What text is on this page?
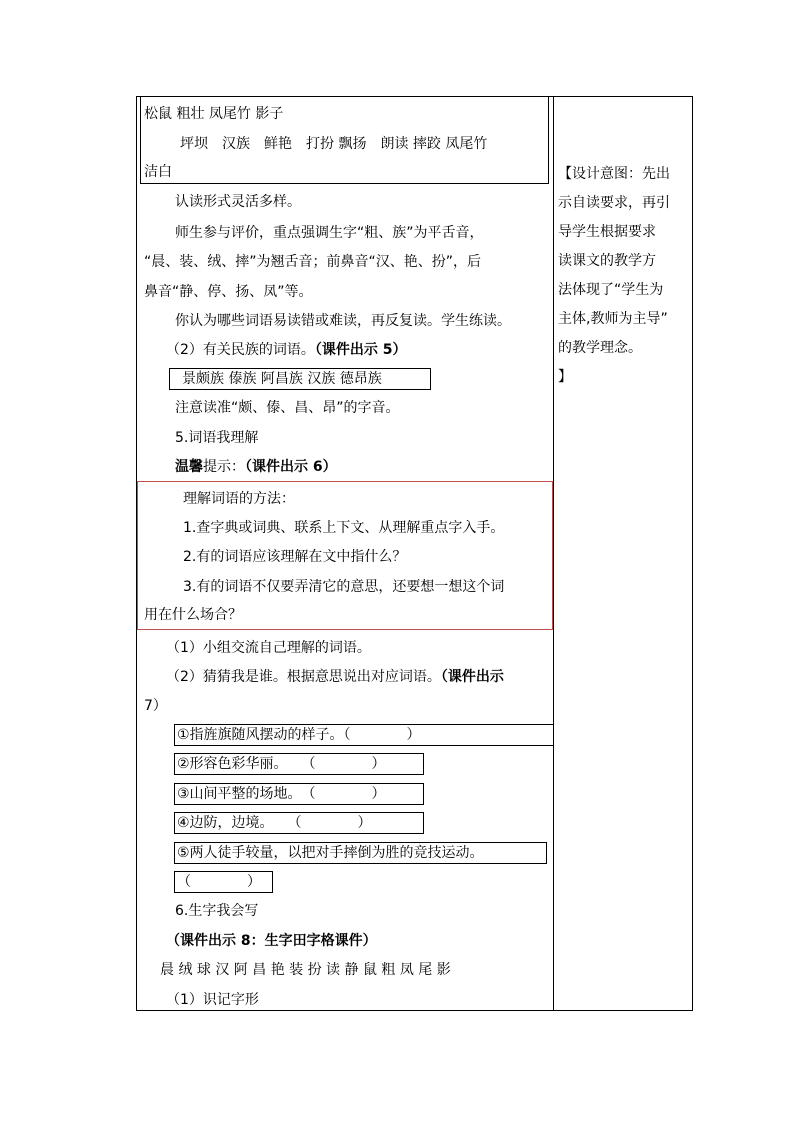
松鼠 粗壮 凤尾竹 影子
坪坝　汉族　鲜艳　打扮 飘扬　朗读 摔跤 凤尾竹
洁白
认读形式灵活多样。
师生参与评价，重点强调生字“粗、族”为平舌音，
“晨、装、绒、摔”为翘舌音；前鼻音“汉、艳、扮”，后
鼻音“静、停、扬、凤”等。
你认为哪些词语易读错或难读，再反复读。学生练读。
（2）有关民族的词语。（课件出示 5）
景颇族 傣族 阿昌族 汉族 德昂族
注意读准“颇、傣、昌、昂”的字音。
5.词语我理解
温馨提示：（课件出示 6）
理解词语的方法：
1.查字典或词典、联系上下文、从理解重点字入手。
2.有的词语应该理解在文中指什么？
3.有的词语不仅要弄清它的意思，还要想一想这个词
用在什么场合？
（1）小组交流自己理解的词语。
（2）猜猜我是谁。根据意思说出对应词语。（课件出示
7）
①指旌旗随风摆动的样子。（　　　　）
②形容色彩华丽。　　（　　　　）
③山间平整的场地。　（　　　　）
④边防，边境。　　（　　　　）
⑤两人徒手较量，以把对手摔倒为胜的竞技运动。
（　　　　）
6.生字我会写
（课件出示 8：生字田字格课件）
晨 绒 球 汉 阿 昌 艳 装 扮 读 静 鼠 粗 凤 尾 影
（1）识记字形
【设计意图：先出
示自读要求，再引
导学生根据要求
读课文的教学方
法体现了“学生为
主体,教师为主导”
的教学理念。
】
